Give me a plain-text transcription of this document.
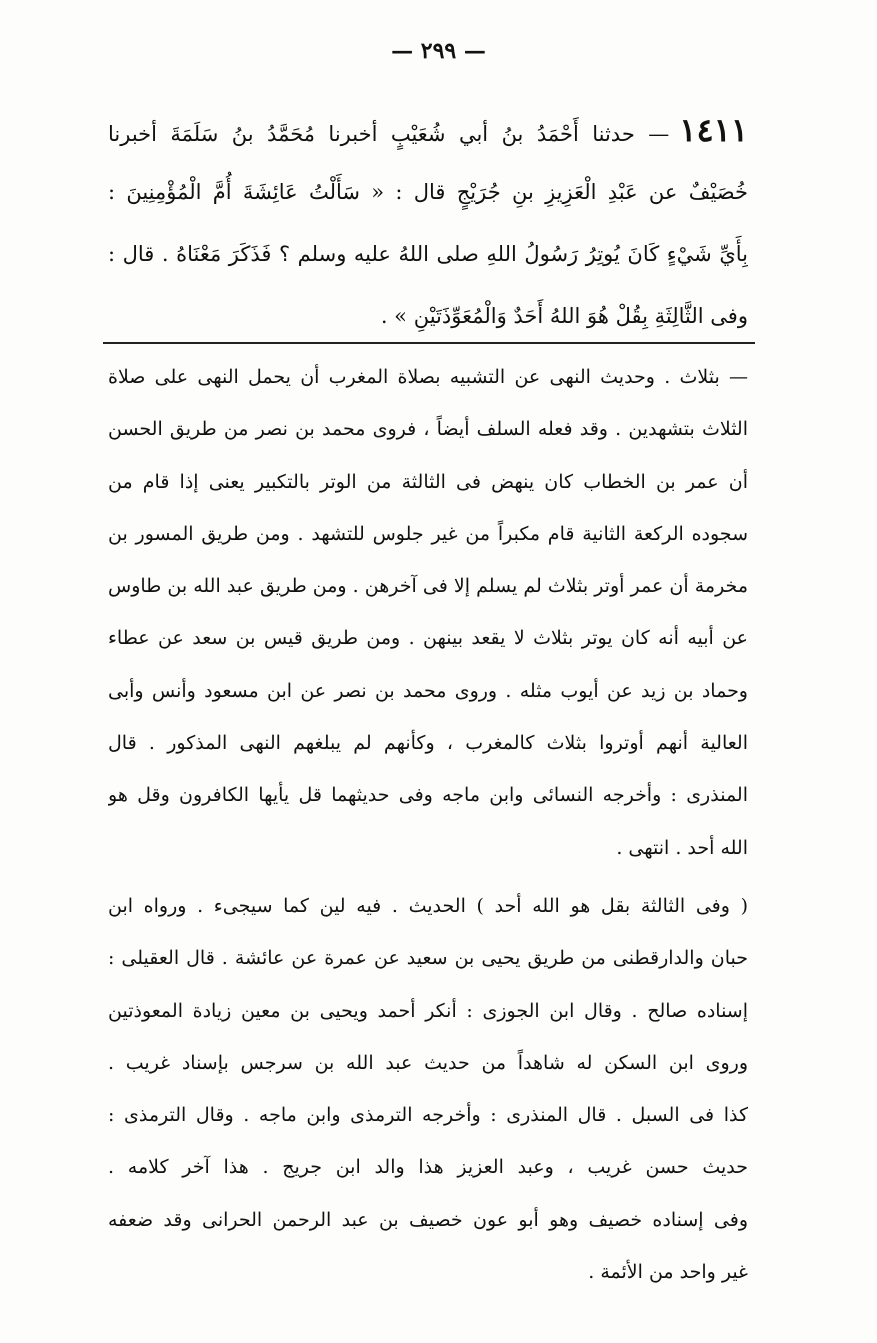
— ٢٩٩ —
١٤١١— حدثنا أَحْمَدُ بنُ أبي شُعَيْبٍ أخبرنا مُحَمَّدُ بنُ سَلَمَةَ أخبرنا
خُصَيْفٌ عن عَبْدِ الْعَزِيزِ بنِ جُرَيْجٍ قال : « سَأَلْتُ عَائِشَةَ أُمَّ الْمُؤْمِنِينَ :
بِأَيِّ شَيْءٍ كَانَ يُوتِرُ رَسُولُ اللهِ صلى اللهُ عليه وسلم ؟ فَذَكَرَ مَعْنَاهُ . قال :
وفى الثَّالِثَةِ بِقُلْ هُوَ اللهُ أَحَدٌ وَالْمُعَوِّذَتَيْنِ » .
— بثلاث . وحديث النهى عن التشبيه بصلاة المغرب أن يحمل النهى على صلاة
الثلاث بتشهدين . وقد فعله السلف أيضاً ، فروى محمد بن نصر من طريق الحسن
أن عمر بن الخطاب كان ينهض فى الثالثة من الوتر بالتكبير يعنى إذا قام من
سجوده الركعة الثانية قام مكبراً من غير جلوس للتشهد . ومن طريق المسور بن
مخرمة أن عمر أوتر بثلاث لم يسلم إلا فى آخرهن . ومن طريق عبد الله بن طاوس
عن أبيه أنه كان يوتر بثلاث لا يقعد بينهن . ومن طريق قيس بن سعد عن عطاء
وحماد بن زيد عن أيوب مثله . وروى محمد بن نصر عن ابن مسعود وأنس وأبى
العالية أنهم أوتروا بثلاث كالمغرب ، وكأنهم لم يبلغهم النهى المذكور . قال
المنذرى : وأخرجه النسائى وابن ماجه وفى حديثهما قل يأيها الكافرون وقل هو
الله أحد . انتهى .
( وفى الثالثة بقل هو الله أحد ) الحديث . فيه لين كما سيجىء . ورواه ابن
حبان والدارقطنى من طريق يحيى بن سعيد عن عمرة عن عائشة . قال العقيلى :
إسناده صالح . وقال ابن الجوزى : أنكر أحمد ويحيى بن معين زيادة المعوذتين
وروى ابن السكن له شاهداً من حديث عبد الله بن سرجس بإسناد غريب .
كذا فى السبل . قال المنذرى : وأخرجه الترمذى وابن ماجه . وقال الترمذى :
حديث حسن غريب ، وعبد العزيز هذا والد ابن جريج . هذا آخر كلامه .
وفى إسناده خصيف وهو أبو عون خصيف بن عبد الرحمن الحرانى وقد ضعفه
غير واحد من الأئمة .
